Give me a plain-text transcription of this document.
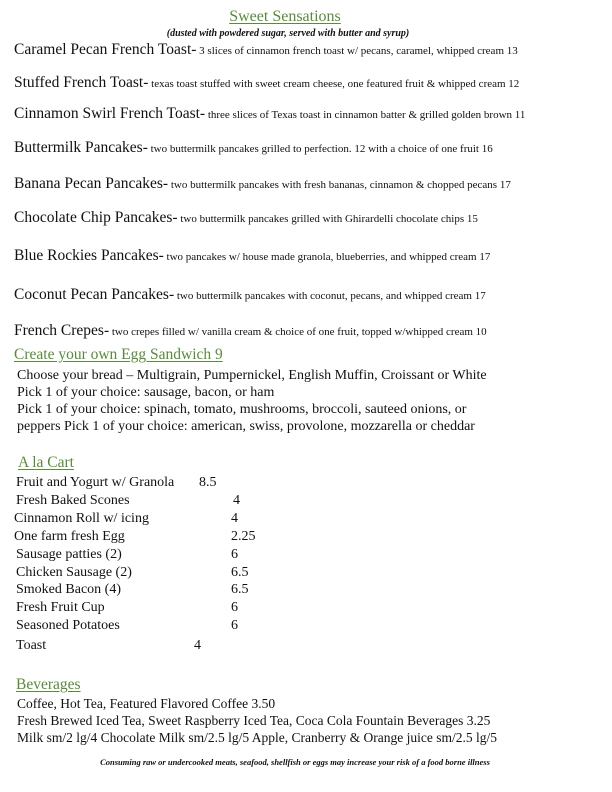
Sweet Sensations
(dusted with powdered sugar, served with butter and syrup)
Caramel Pecan French Toast- 3 slices of cinnamon french toast w/ pecans, caramel, whipped cream 13
Stuffed French Toast- texas toast stuffed with sweet cream cheese, one featured fruit & whipped cream 12
Cinnamon Swirl French Toast- three slices of Texas toast in cinnamon batter & grilled golden brown 11
Buttermilk Pancakes- two buttermilk pancakes grilled to perfection. 12 with a choice of one fruit 16
Banana Pecan Pancakes- two buttermilk pancakes with fresh bananas, cinnamon & chopped pecans 17
Chocolate Chip Pancakes- two buttermilk pancakes grilled with Ghirardelli chocolate chips 15
Blue Rockies Pancakes- two pancakes w/ house made granola, blueberries, and whipped cream 17
Coconut Pecan Pancakes- two buttermilk pancakes with coconut, pecans, and whipped cream 17
French Crepes- two crepes filled w/ vanilla cream & choice of one fruit, topped w/whipped cream 10
Create your own Egg Sandwich 9
Choose your bread – Multigrain, Pumpernickel, English Muffin, Croissant or White
Pick 1 of your choice: sausage, bacon, or ham
Pick 1 of your choice: spinach, tomato, mushrooms, broccoli, sauteed onions, or
peppers Pick 1 of your choice: american, swiss, provolone, mozzarella or cheddar
A la Cart
Fruit and Yogurt w/ Granola 8.5
Fresh Baked Scones	4
Cinnamon Roll w/ icing	4
One farm fresh Egg	2.25
Sausage patties (2)	6
Chicken Sausage (2)	6.5
Smoked Bacon (4)	6.5
Fresh Fruit Cup	6
Seasoned Potatoes	6
Toast	4
Beverages
Coffee, Hot Tea, Featured Flavored Coffee 3.50
Fresh Brewed Iced Tea, Sweet Raspberry Iced Tea, Coca Cola Fountain Beverages 3.25
Milk sm/2 lg/4 Chocolate Milk sm/2.5 lg/5 Apple, Cranberry & Orange juice sm/2.5 lg/5
Consuming raw or undercooked meats, seafood, shellfish or eggs may increase your risk of a food borne illness
